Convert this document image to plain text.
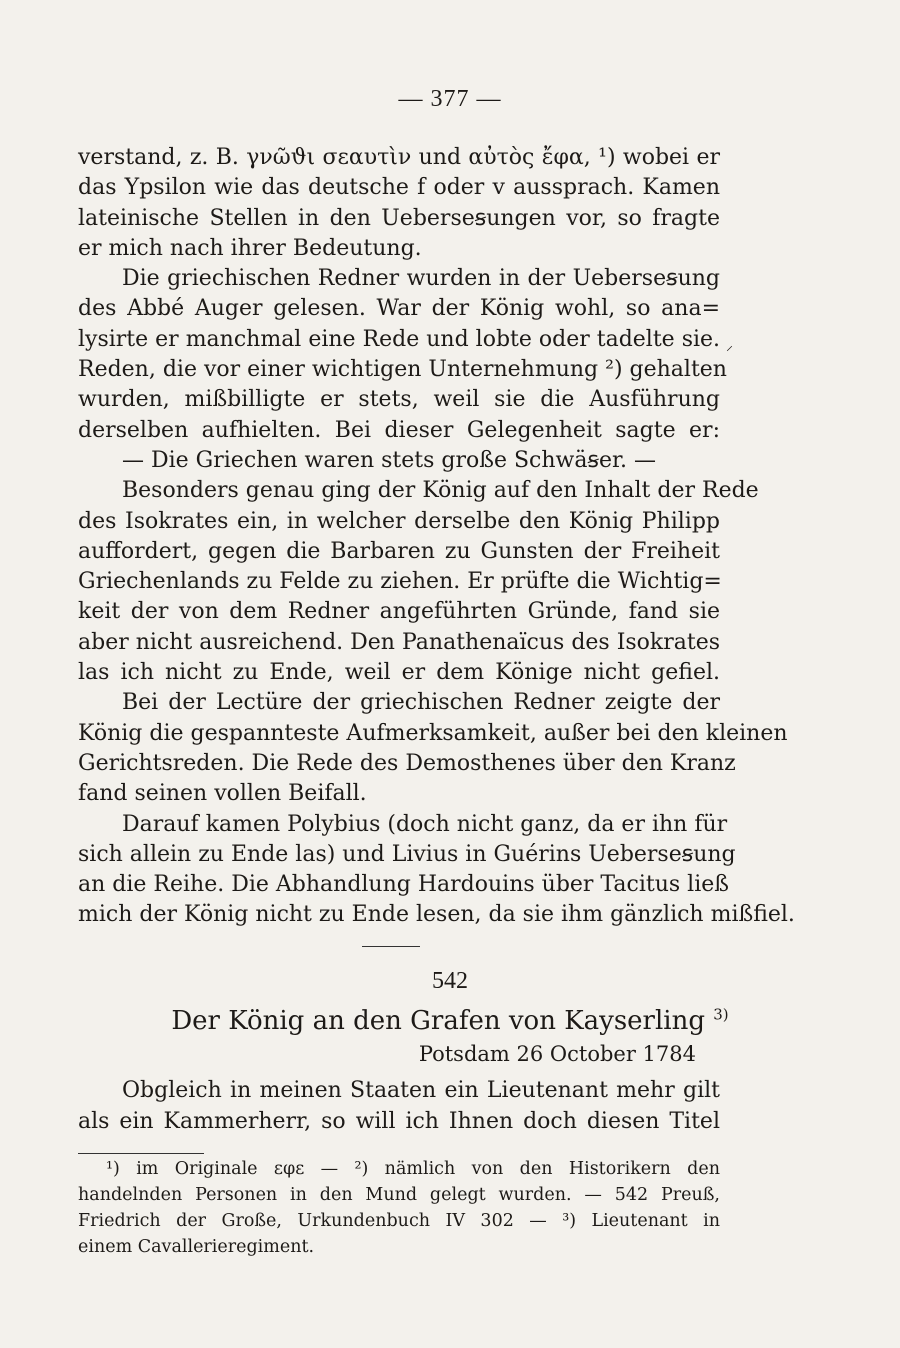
— 377 —
verstand, z. B. γνῶϑι σεαυτὶν und αὐτὸς ἔφα, ¹) wobei er
das Ypsilon wie das deutsche f oder v aussprach. Kamen
lateinische Stellen in den Ueberseꞩungen vor, so fragte
er mich nach ihrer Bedeutung.
Die griechischen Redner wurden in der Ueberseꞩung
des Abbé Auger gelesen. War der König wohl, so ana=
lysirte er manchmal eine Rede und lobte oder tadelte sie.
Reden, die vor einer wichtigen Unternehmung ²) gehalten
wurden, mißbilligte er stets, weil sie die Ausführung
derselben aufhielten. Bei dieser Gelegenheit sagte er:
— Die Griechen waren stets große Schwäꞩer. —
Besonders genau ging der König auf den Inhalt der Rede
des Isokrates ein, in welcher derselbe den König Philipp
auffordert, gegen die Barbaren zu Gunsten der Freiheit
Griechenlands zu Felde zu ziehen. Er prüfte die Wichtig=
keit der von dem Redner angeführten Gründe, fand sie
aber nicht ausreichend. Den Panathenaïcus des Isokrates
las ich nicht zu Ende, weil er dem Könige nicht gefiel.
Bei der Lectüre der griechischen Redner zeigte der
König die gespannteste Aufmerksamkeit, außer bei den kleinen
Gerichtsreden. Die Rede des Demosthenes über den Kranz
fand seinen vollen Beifall.
Darauf kamen Polybius (doch nicht ganz, da er ihn für
sich allein zu Ende las) und Livius in Guérins Ueberseꞩung
an die Reihe. Die Abhandlung Hardouins über Tacitus ließ
mich der König nicht zu Ende lesen, da sie ihm gänzlich mißfiel.
⸝
542
Der König an den Grafen von Kayserling $^{3)}$
Potsdam 26 October 1784
Obgleich in meinen Staaten ein Lieutenant mehr gilt
als ein Kammerherr, so will ich Ihnen doch diesen Titel
¹) im Originale εφε — ²) nämlich von den Historikern den
handelnden Personen in den Mund gelegt wurden. — 542 Preuß,
Friedrich der Große, Urkundenbuch IV 302 — ³) Lieutenant in
einem Cavallerieregiment.
